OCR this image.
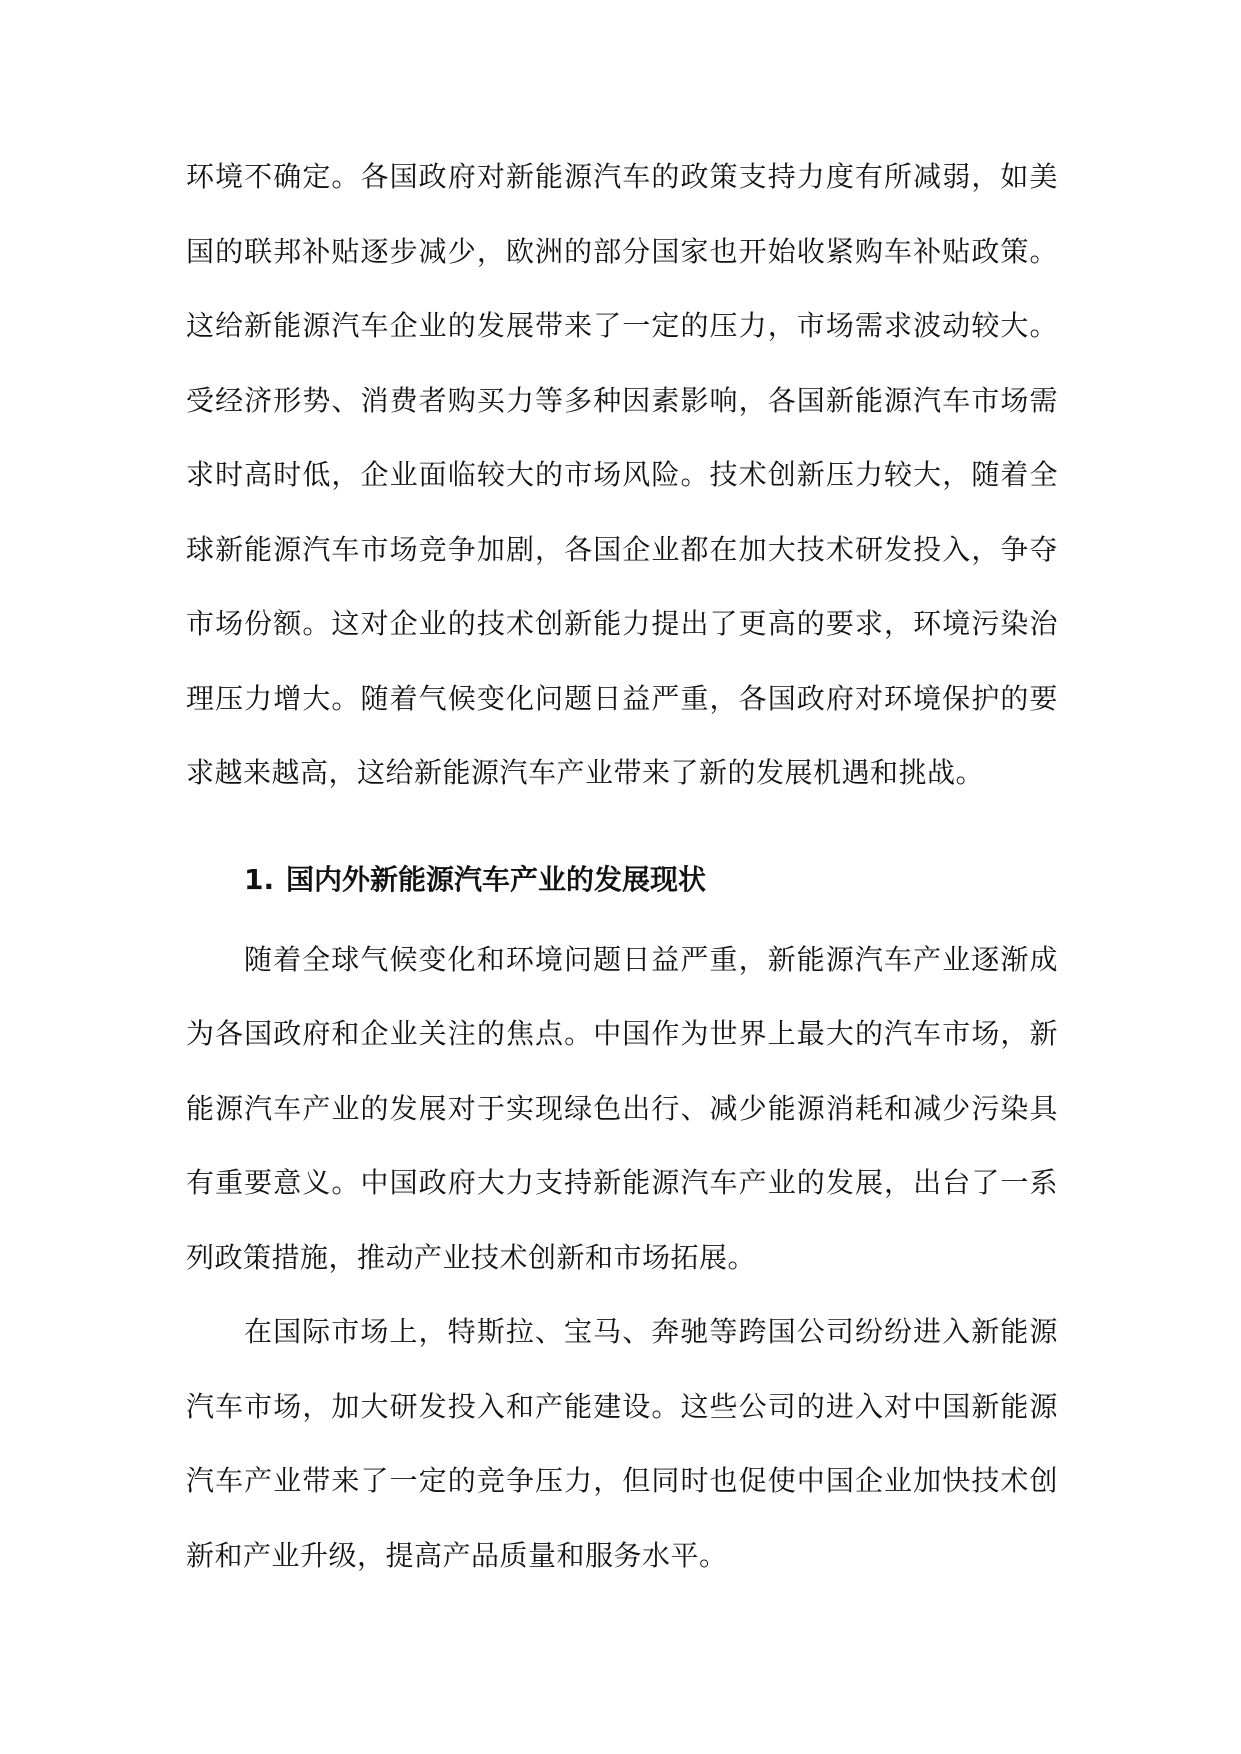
环境不确定。各国政府对新能源汽车的政策支持力度有所减弱，如美国的联邦补贴逐步减少，欧洲的部分国家也开始收紧购车补贴政策。这给新能源汽车企业的发展带来了一定的压力，市场需求波动较大。受经济形势、消费者购买力等多种因素影响，各国新能源汽车市场需求时高时低，企业面临较大的市场风险。技术创新压力较大，随着全球新能源汽车市场竞争加剧，各国企业都在加大技术研发投入，争夺市场份额。这对企业的技术创新能力提出了更高的要求，环境污染治理压力增大。随着气候变化问题日益严重，各国政府对环境保护的要求越来越高，这给新能源汽车产业带来了新的发展机遇和挑战。

1. 国内外新能源汽车产业的发展现状

随着全球气候变化和环境问题日益严重，新能源汽车产业逐渐成为各国政府和企业关注的焦点。中国作为世界上最大的汽车市场，新能源汽车产业的发展对于实现绿色出行、减少能源消耗和减少污染具有重要意义。中国政府大力支持新能源汽车产业的发展，出台了一系列政策措施，推动产业技术创新和市场拓展。

在国际市场上，特斯拉、宝马、奔驰等跨国公司纷纷进入新能源汽车市场，加大研发投入和产能建设。这些公司的进入对中国新能源汽车产业带来了一定的竞争压力，但同时也促使中国企业加快技术创新和产业升级，提高产品质量和服务水平。
